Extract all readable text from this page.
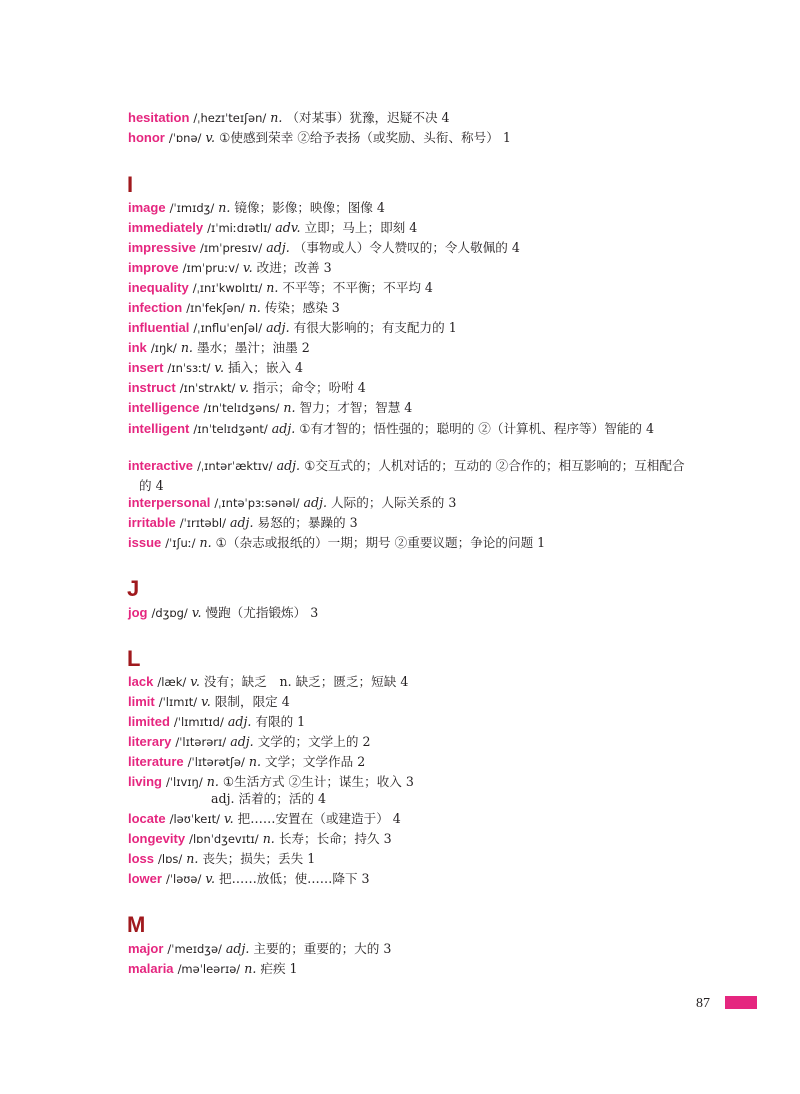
hesitation /ˌhezɪˈteɪʃən/ n. （对某事）犹豫，迟疑不决 4
honor /ˈɒnə/ v. ①使感到荣幸 ②给予表扬（或奖励、头衔、称号） 1
I
image /ˈɪmɪdʒ/ n. 镜像；影像；映像；图像 4
immediately /ɪˈmiːdɪətlɪ/ adv. 立即；马上；即刻 4
impressive /ɪmˈpresɪv/ adj. （事物或人）令人赞叹的；令人敬佩的 4
improve /ɪmˈpruːv/ v. 改进；改善 3
inequality /ˌɪnɪˈkwɒlɪtɪ/ n. 不平等；不平衡；不平均 4
infection /ɪnˈfekʃən/ n. 传染；感染 3
influential /ˌɪnfluˈenʃəl/ adj. 有很大影响的；有支配力的 1
ink /ɪŋk/ n. 墨水；墨汁；油墨 2
insert /ɪnˈsɜːt/ v. 插入；嵌入 4
instruct /ɪnˈstrʌkt/ v. 指示；命令；吩咐 4
intelligence /ɪnˈtelɪdʒəns/ n. 智力；才智；智慧 4
intelligent /ɪnˈtelɪdʒənt/ adj. ①有才智的；悟性强的；聪明的 ②（计算机、程序等）智能的 4
interactive /ˌɪntərˈæktɪv/ adj. ①交互式的；人机对话的；互动的 ②合作的；相互影响的；互相配合的 4
interpersonal /ˌɪntəˈpɜːsənəl/ adj. 人际的；人际关系的 3
irritable /ˈɪrɪtəbl/ adj. 易怒的；暴躁的 3
issue /ˈɪʃuː/ n. ①（杂志或报纸的）一期；期号 ②重要议题；争论的问题 1
J
jog /dʒɒg/ v. 慢跑（尤指锻炼） 3
L
lack /læk/ v. 没有；缺乏　n. 缺乏；匮乏；短缺 4
limit /ˈlɪmɪt/ v. 限制，限定 4
limited /ˈlɪmɪtɪd/ adj. 有限的 1
literary /ˈlɪtərərɪ/ adj. 文学的；文学上的 2
literature /ˈlɪtərətʃə/ n. 文学；文学作品 2
living /ˈlɪvɪŋ/ n. ①生活方式 ②生计；谋生；收入 3
adj. 活着的；活的 4
locate /ləʊˈkeɪt/ v. 把……安置在（或建造于） 4
longevity /lɒnˈdʒevɪtɪ/ n. 长寿；长命；持久 3
loss /lɒs/ n. 丧失；损失；丢失 1
lower /ˈləʊə/ v. 把……放低；使……降下 3
M
major /ˈmeɪdʒə/ adj. 主要的；重要的；大的 3
malaria /məˈleərɪə/ n. 疟疾 1
87
